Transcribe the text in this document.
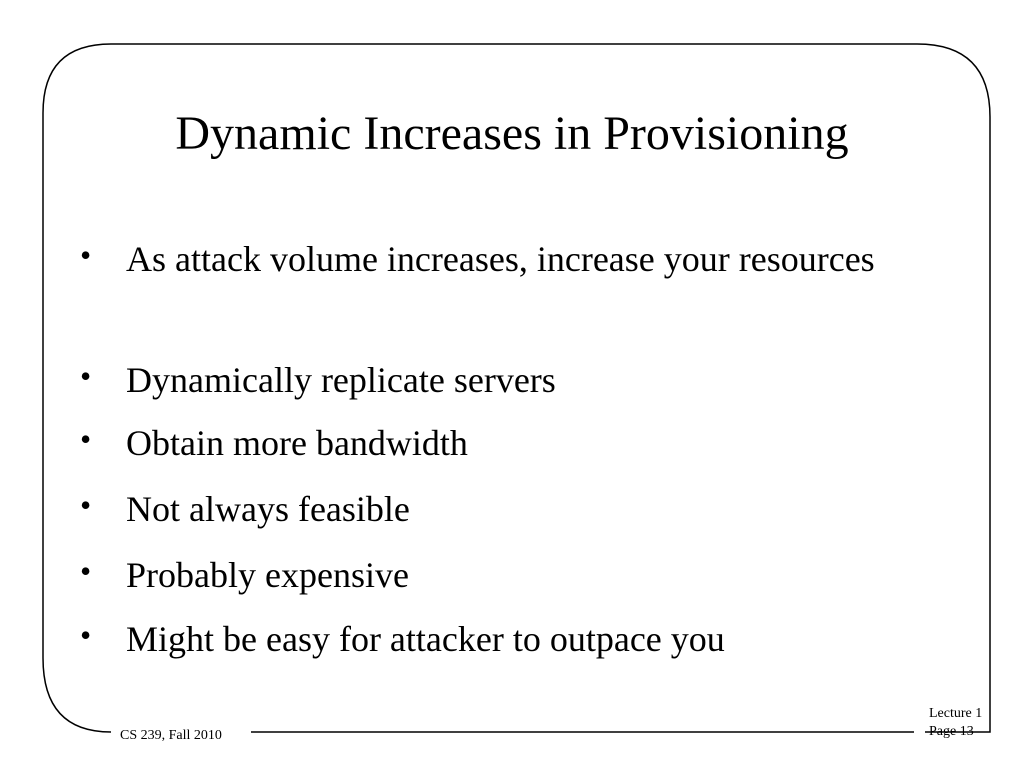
Dynamic Increases in Provisioning
• As attack volume increases, increase your resources
• Dynamically replicate servers
• Obtain more bandwidth
• Not always feasible
• Probably expensive
• Might be easy for attacker to outpace you
CS 239, Fall 2010
Lecture 1
Page 13
